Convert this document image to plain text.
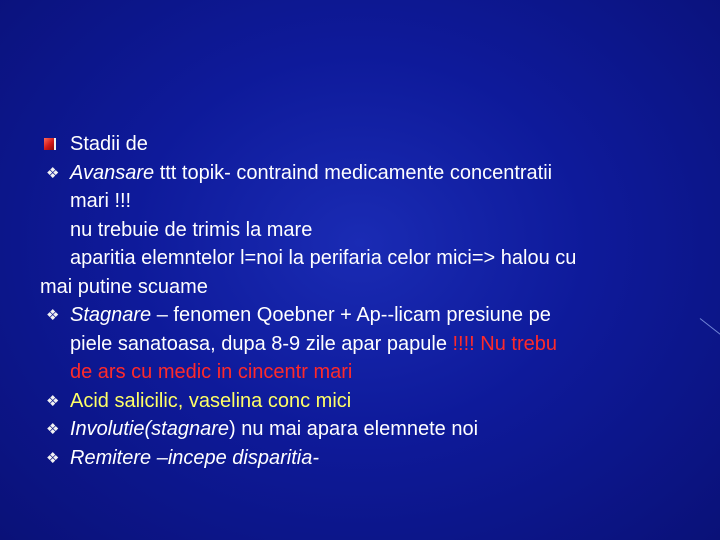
Stadii de
❖ Avansare ttt topik- contraind medicamente concentratii
mari !!!
nu trebuie de trimis la mare
aparitia elemntelor l=noi la perifaria celor mici=> halou cu
mai putine scuame
❖ Stagnare – fenomen Qoebner + Ap--licam presiune pe
piele sanatoasa, dupa 8-9 zile apar papule !!!! Nu trebu
de ars cu medic in cincentr mari
❖ Acid salicilic, vaselina conc mici
❖ Involutie(stagnare) nu mai apara elemnete noi
❖ Remitere –incepe disparitia-
